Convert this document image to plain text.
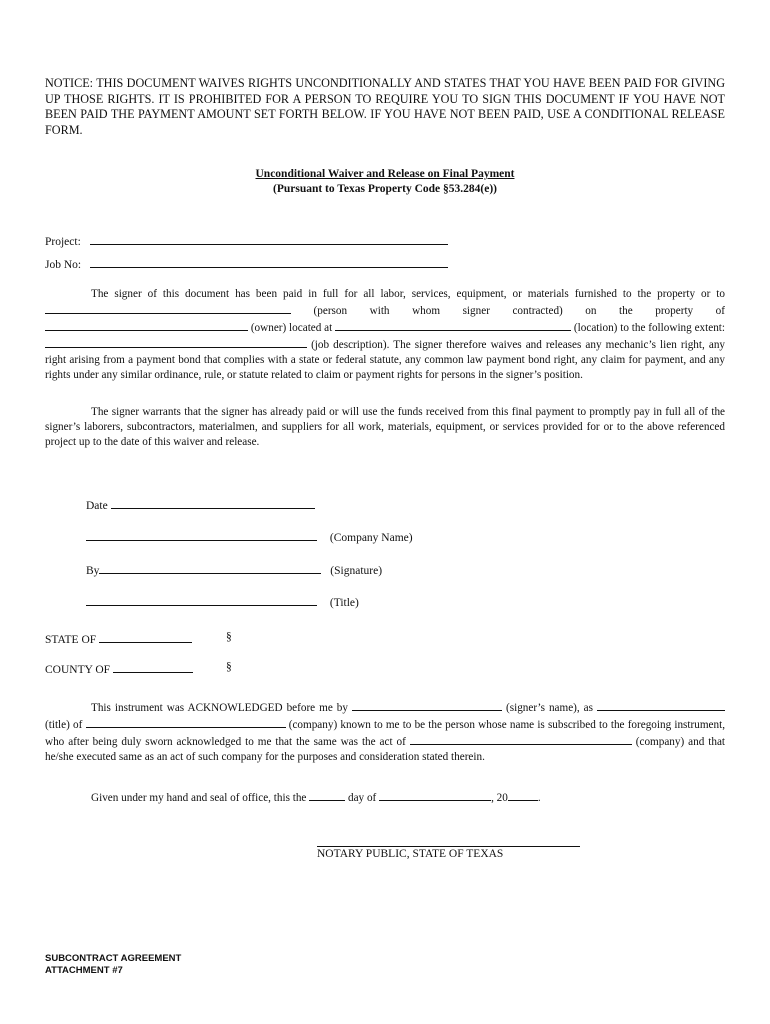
NOTICE: THIS DOCUMENT WAIVES RIGHTS UNCONDITIONALLY AND STATES THAT YOU HAVE BEEN PAID FOR GIVING UP THOSE RIGHTS. IT IS PROHIBITED FOR A PERSON TO REQUIRE YOU TO SIGN THIS DOCUMENT IF YOU HAVE NOT BEEN PAID THE PAYMENT AMOUNT SET FORTH BELOW. IF YOU HAVE NOT BEEN PAID, USE A CONDITIONAL RELEASE FORM.
Unconditional Waiver and Release on Final Payment
(Pursuant to Texas Property Code §53.284(e))
Project:
Job No:
The signer of this document has been paid in full for all labor, services, equipment, or materials furnished to the property or to  (person with whom signer contracted) on the property of  (owner) located at	(location) to the following extent:  (job description). The signer therefore waives and releases any mechanic’s lien right, any right arising from a payment bond that complies with a state or federal statute, any common law payment bond right, any claim for payment, and any rights under any similar ordinance, rule, or statute related to claim or payment rights for persons in the signer’s position.
The signer warrants that the signer has already paid or will use the funds received from this final payment to promptly pay in full all of the signer’s laborers, subcontractors, materialmen, and suppliers for all work, materials, equipment, or services provided for or to the above referenced project up to the date of this waiver and release.
Date
(Company Name)
By	(Signature)
(Title)
STATE OF	§
COUNTY OF	§
This instrument was ACKNOWLEDGED before me by	(signer’s name), as  (title) of	(company) known to me to be the person whose name is subscribed to the foregoing instrument, who after being duly sworn acknowledged to me that the same was the act of	(company) and that he/she executed same as an act of such company for the purposes and consideration stated therein.
Given under my hand and seal of office, this the	day of	, 20	.
NOTARY PUBLIC, STATE OF TEXAS
SUBCONTRACT AGREEMENT
ATTACHMENT #7
